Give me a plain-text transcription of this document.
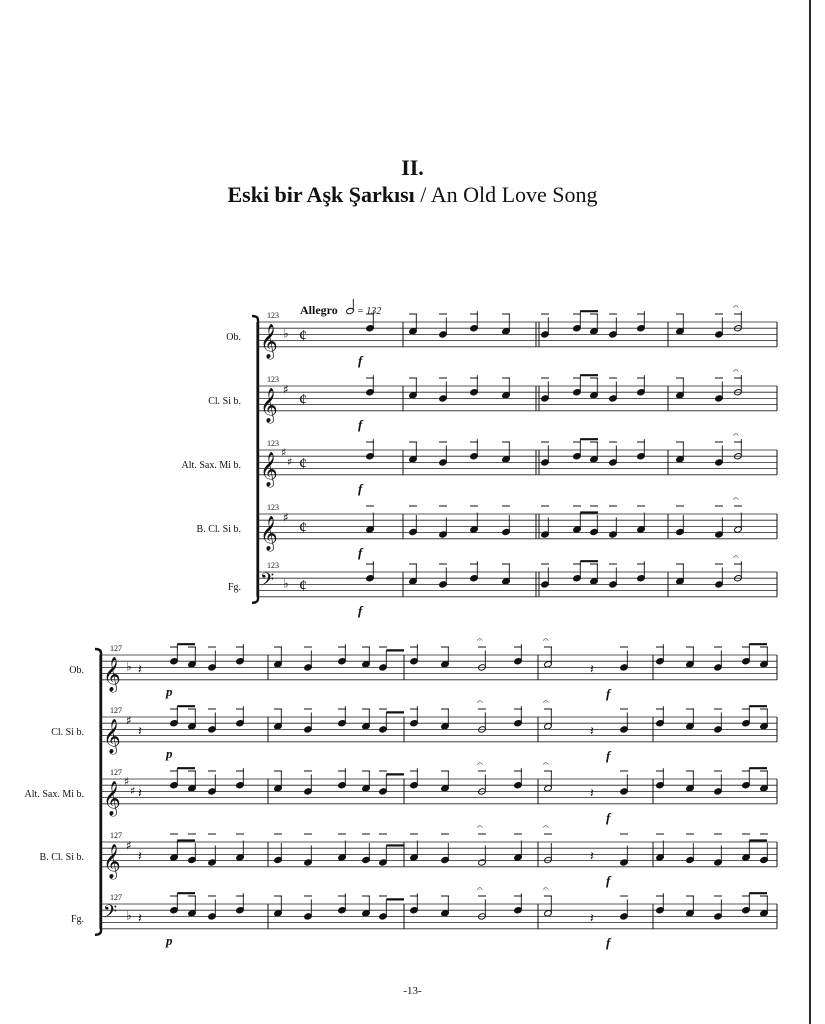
II.
Eski bir Aşk Şarkısı / An Old Love Song
Ob.
Cl. Si b.
Alt. Sax. Mi b.
B. Cl. Si b.
Fg.
Ob.
Cl. Si b.
Alt. Sax. Mi b.
B. Cl. Si b.
Fg.
𝄞 ♭ ¢
123
𝄐
f
𝄞 ♯
¢
123
𝄐
f
𝄞 ♯
♯ ¢
123
𝄐
f
𝄞 ♯
¢
123
𝄐
f
𝄢 ♭ ¢
123
𝄐
f
𝄞 ♭
127
𝄐	𝄐
𝄽	𝄽
p	f
𝄞 ♯
127
𝄐	𝄐
𝄽	𝄽
p	f
𝄞 ♯
♯
127
𝄐	𝄐
𝄽	𝄽
f
𝄞 ♯
127
𝄐	𝄐
𝄽	𝄽
f
𝄢 ♭
127
𝄐	𝄐
𝄽	𝄽
p	f
Allegro = 132
-13-
